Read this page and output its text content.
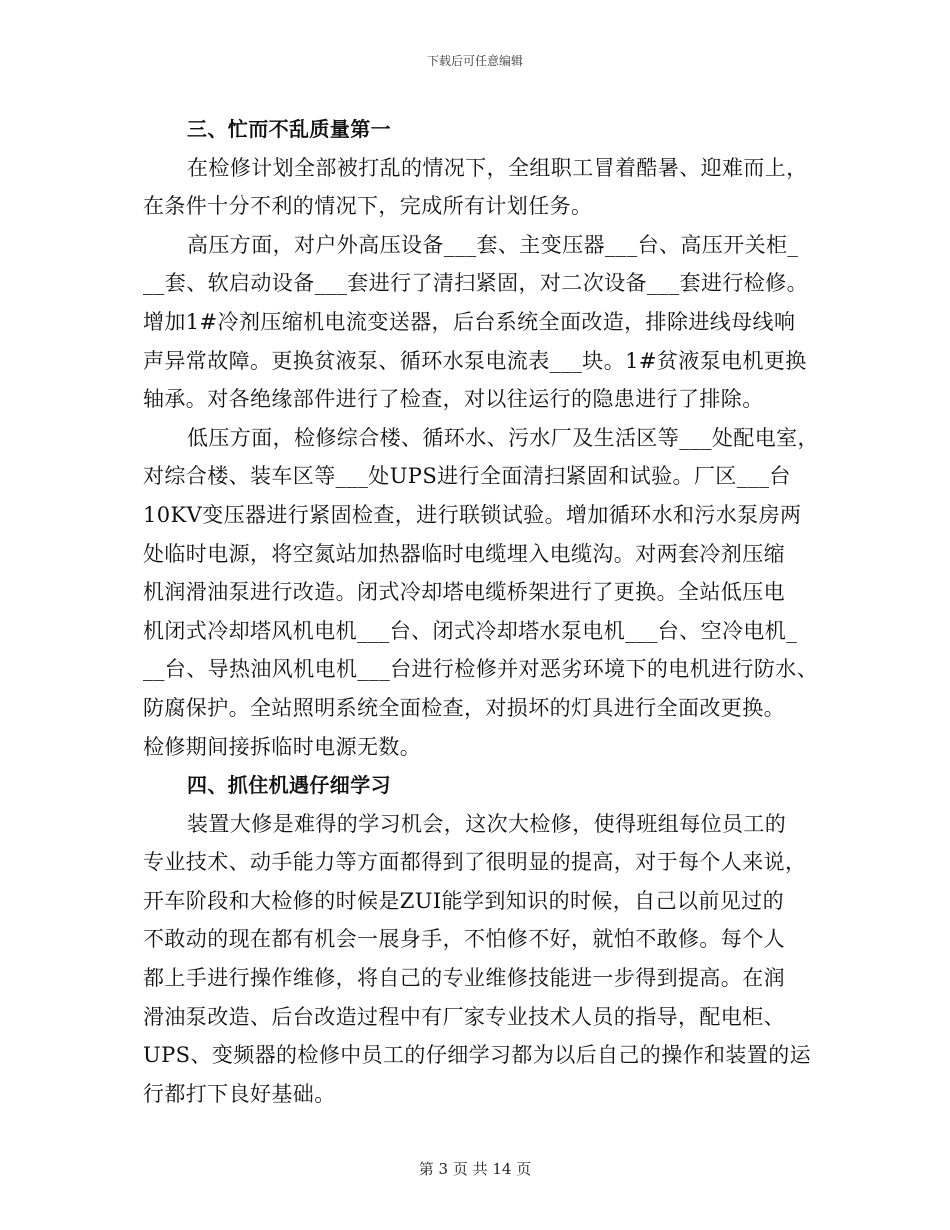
下载后可任意编辑
三、忙而不乱质量第一
在检修计划全部被打乱的情况下，全组职工冒着酷暑、迎难而上，
在条件十分不利的情况下，完成所有计划任务。
高压方面，对户外高压设备___套、主变压器___台、高压开关柜_
__套、软启动设备___套进行了清扫紧固，对二次设备___套进行检修。
增加1#冷剂压缩机电流变送器，后台系统全面改造，排除进线母线响
声异常故障。更换贫液泵、循环水泵电流表___块。1#贫液泵电机更换
轴承。对各绝缘部件进行了检查，对以往运行的隐患进行了排除。
低压方面，检修综合楼、循环水、污水厂及生活区等___处配电室，
对综合楼、装车区等___处UPS进行全面清扫紧固和试验。厂区___台
10KV变压器进行紧固检查，进行联锁试验。增加循环水和污水泵房两
处临时电源，将空氮站加热器临时电缆埋入电缆沟。对两套冷剂压缩
机润滑油泵进行改造。闭式冷却塔电缆桥架进行了更换。全站低压电
机闭式冷却塔风机电机___台、闭式冷却塔水泵电机___台、空冷电机_
__台、导热油风机电机___台进行检修并对恶劣环境下的电机进行防水、
防腐保护。全站照明系统全面检查，对损坏的灯具进行全面改更换。
检修期间接拆临时电源无数。
四、抓住机遇仔细学习
装置大修是难得的学习机会，这次大检修，使得班组每位员工的
专业技术、动手能力等方面都得到了很明显的提高，对于每个人来说，
开车阶段和大检修的时候是ZUI能学到知识的时候，自己以前见过的
不敢动的现在都有机会一展身手，不怕修不好，就怕不敢修。每个人
都上手进行操作维修，将自己的专业维修技能进一步得到提高。在润
滑油泵改造、后台改造过程中有厂家专业技术人员的指导，配电柜、
UPS、变频器的检修中员工的仔细学习都为以后自己的操作和装置的运
行都打下良好基础。
第 3 页 共 14 页
